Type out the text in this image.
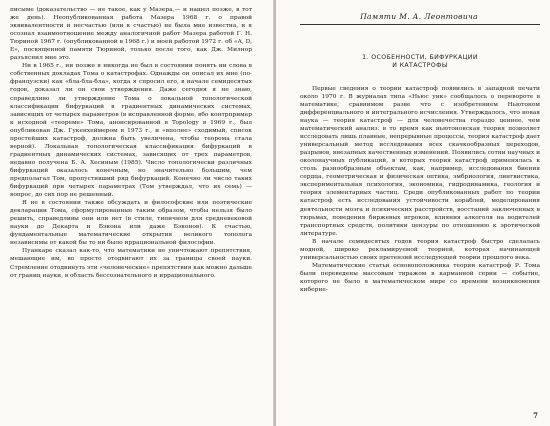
писыме (доказательство — не такое, как у Мазера,— и нашел позже, в тот же день). Неопубликованная работа Мазера 1968 г. о правой эквивалентности и несчастью (или к счастью) не была мне известна, и я осознал взаимоотношение между аналогичной работ Мазера работой Г. Н. Тюриной 1967 г. (опубликованной в 1968 г.) и моей работой 1972 г. об «A, D, E», посвященной памяти Тюриной, только после того, как Дж. Милнор разъяснил мне это.

Ни в 1965 г., ни позже я никогда не был в состоянии понять ни слова в собственных докладах Тома о катастрофах. Однажды он описал их мне (по-французски) как «бла-бла-бла», когда я спросил его, в начале семидесятых годов, доказал ли он свои утверждения. Даже сегодня я не знаю, справедливо ли утверждение Тома о локальной топологической классификации бифуркаций в градиентных динамических системах, зависящих от четырех параметров (в исправленной форме, вбо контрпример к исходной «теореме» Тома, анонсированной в Topology в 1969 г., был опубликован Дж. Гукенхеймером в 1973 г., и «вполне» сходимый, список простейших катастроф, должна быть увеличена, чтобы теорема стала верной). Локальная топологическая классификация бифуркаций в градиентных динамических системах, зависящих от трех параметров, недавно получена Б. А. Хесиным (1985). Число топологически различных бифуркаций оказалось конечным, но значительно большим, чем предполагал Том, пропустивший ряд бифуркаций. Конечно ли число таких бифуркаций при четырех параметрах (Том утверждал, что их семь) — вопрос, до сих пор не решенный.

Я не в состоянии также обсуждать и философские или поэтические декларации Тома, сформулированные таким образом, чтобы нельзя было решить, справедливы они или нет (в стиле, типичном для средневековой науки до Декарта и Бэкона или даже Бэконов). К счастью, фундаментальные математические открытия великого тополога независимы от какой бы то ни было иррациональной философии.

Пуанкаре сказал как-то, что математики не уничтожают препятствия, мешающие им, во просто отодвигают их за границы своей науки. Стремление отодвинуть эти «человеческие» препятствия как можно дальше от границ науки, в область бессознательного и иррационального.

Памяти М. А. Леонтовича
1. ОСОБЕННОСТИ, БИФУРКАЦИИ
И КАТАСТРОФЫ

Первые сведения о теории катастроф появились в западной печати около 1970 г. В журналах типа «Ньюс уик» сообщалось о перевороте в математике, сравнимом разве что с изобретением Ньютоном дифференциального и интегрального исчисления. Утверждалось, что новая наука — теория катастроф — для человечества гораздо ценнее, чем математический анализ: в то время как ньютоновская теория позволяет исследовать лишь плавные, непрерывные процессы, теория катастроф дает универсальный метод исследования всех скачкообразных переходов, разрывов, внезапных качественных изменений. Появились сотни научных и околонаучных публикаций, в которых теория катастроф применялась к столь разнообразным объектам, как, например, исследования биения сердца, геометрическая и физическая оптика, эмбриология, лингвистика, экспериментальная психология, экономика, гидродинамика, геология и теория элементарных частиц. Среди опубликованных работ по теории катастроф есть исследования устойчивости кораблей, моделирования деятельности мозга и психических расстройств, восстаний заключенных в тюрьмах, поведения биржевых игроков, влияния алкоголя на водителей транспортных средств, политики цензуры по отношению к эротической литературе.

В начале семидесятых годов теория катастроф быстро сделалась модной, широко рекламируемой теорией, которая начинающей универсальностью своих претензий исследующей теории прошлого века.

Математические статьи основоположника теории катастроф Р. Тома были переведены массовым тиражом в карманной серии — событие, которого не было в математическом мире со времени возникновения киберне-

7
